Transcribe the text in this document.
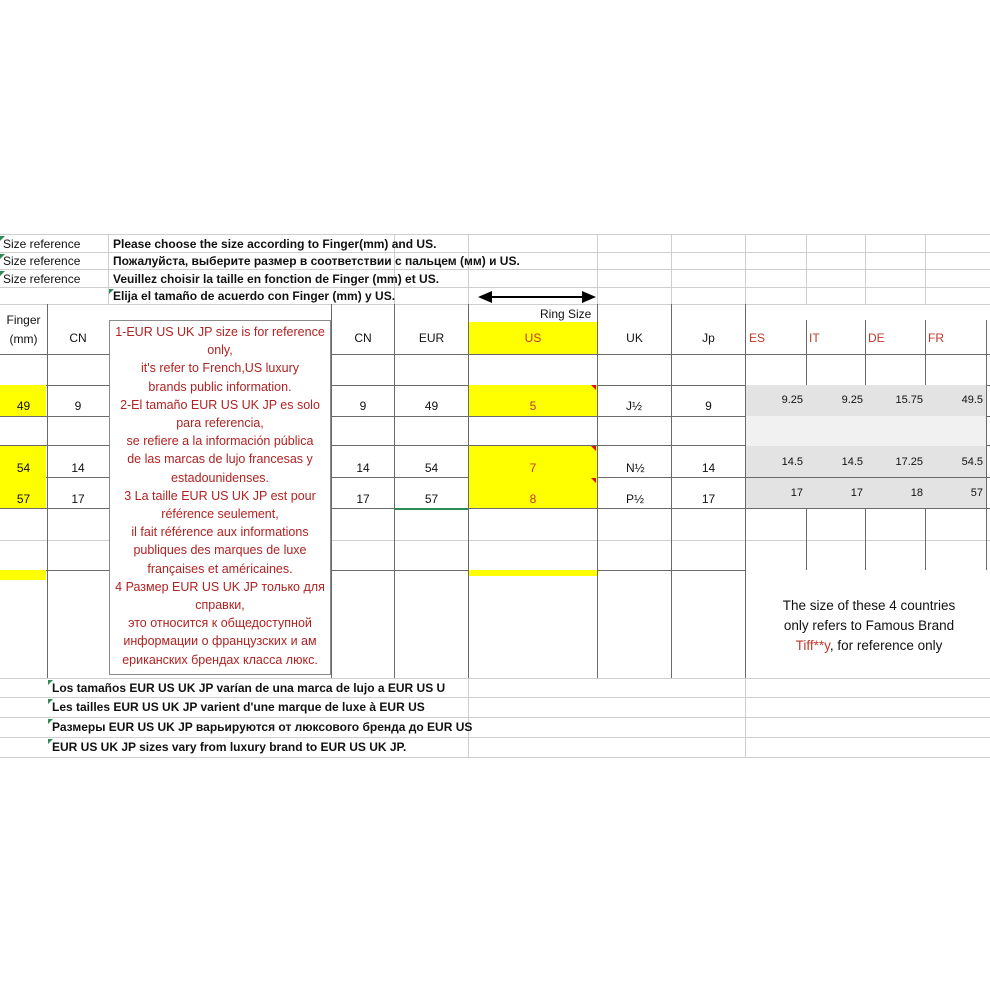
Size reference	Please choose the size according to Finger(mm) and US.
Size reference	Пожалуйста, выберите размер в соответствии с пальцем (мм) и US.
Size reference	Veuillez choisir la taille en fonction de Finger (mm) et US.
Elija el tamaño de acuerdo con Finger (mm) y US.
Ring Size
Finger
(mm)	CN	CN	EUR	US	UK	Jp	ES	IT	DE	FR
49	9	9	49	5	J½	9	9.25	9.25	15.75	49.5
54	14	14	54	7	N½	14	14.5	14.5	17.25	54.5
57	17	17	57	8	P½	17	17	17	18	57
1-EUR US UK JP size is for reference
only,
it's refer to French,US luxury
brands public information.
2-El tamaño EUR US UK JP es solo
para referencia,
se refiere a la información pública
de las marcas de lujo francesas y
estadounidenses.
3 La taille EUR US UK JP est pour
référence seulement,
il fait référence aux informations
publiques des marques de luxe
françaises et américaines.
4 Размер EUR US UK JP только для
справки,
это относится к общедоступной
информации о французских и ам
ериканских брендах класса люкс.
The size of these 4 countries
only refers to Famous Brand
Tiff**y, for reference only
Los tamaños EUR US UK JP varían de una marca de lujo a EUR US U
Les tailles EUR US UK JP varient d'une marque de luxe à EUR US
Размеры EUR US UK JP варьируются от люксового бренда до EUR US
EUR US UK JP sizes vary from luxury brand to EUR US UK JP.
